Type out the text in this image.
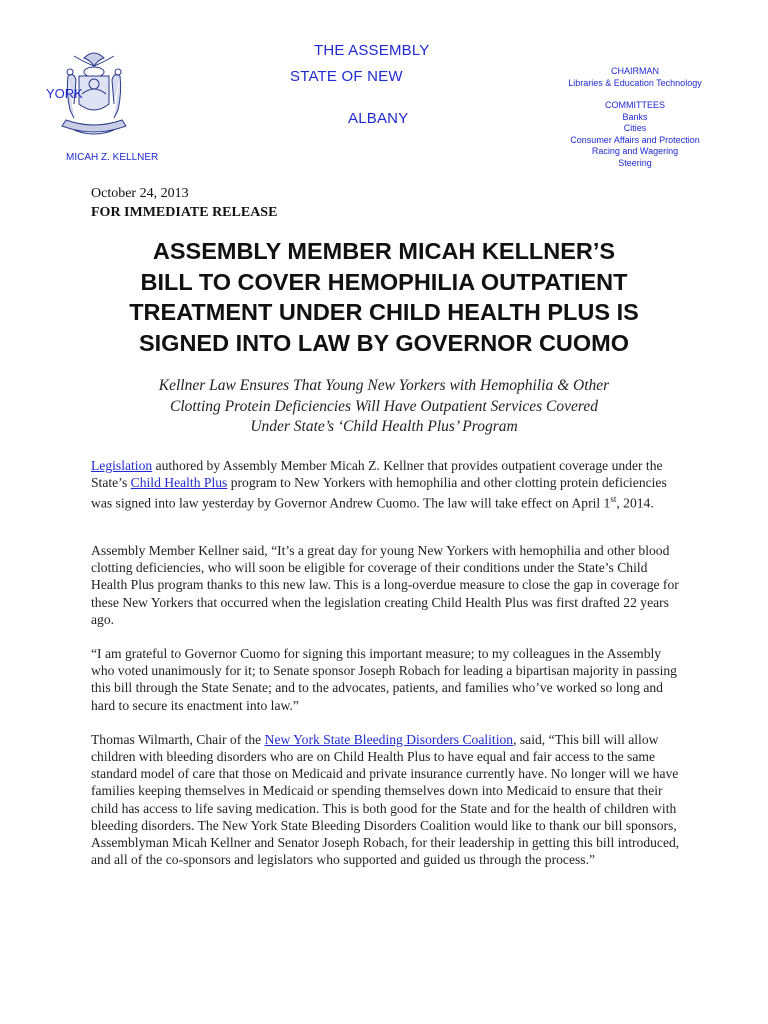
YORK
THE ASSEMBLY
STATE OF NEW
ALBANY
MICAH Z. KELLNER
CHAIRMAN
Libraries & Education Technology
COMMITTEES
Banks
Cities
Consumer Affairs and Protection
Racing and Wagering
Steering
October 24, 2013
FOR IMMEDIATE RELEASE
ASSEMBLY MEMBER MICAH KELLNER’S
BILL TO COVER HEMOPHILIA OUTPATIENT
TREATMENT UNDER CHILD HEALTH PLUS IS
SIGNED INTO LAW BY GOVERNOR CUOMO
Kellner Law Ensures That Young New Yorkers with Hemophilia & Other
Clotting Protein Deficiencies Will Have Outpatient Services Covered
Under State’s ‘Child Health Plus’ Program

Legislation authored by Assembly Member Micah Z. Kellner that provides outpatient coverage under the State’s Child Health Plus program to New Yorkers with hemophilia and other clotting protein deficiencies was signed into law yesterday by Governor Andrew Cuomo. The law will take effect on April 1st, 2014.

Assembly Member Kellner said, “It’s a great day for young New Yorkers with hemophilia and other blood clotting deficiencies, who will soon be eligible for coverage of their conditions under the State’s Child Health Plus program thanks to this new law. This is a long-overdue measure to close the gap in coverage for these New Yorkers that occurred when the legislation creating Child Health Plus was first drafted 22 years ago.

“I am grateful to Governor Cuomo for signing this important measure; to my colleagues in the Assembly who voted unanimously for it; to Senate sponsor Joseph Robach for leading a bipartisan majority in passing this bill through the State Senate; and to the advocates, patients, and families who’ve worked so long and hard to secure its enactment into law.”

Thomas Wilmarth, Chair of the New York State Bleeding Disorders Coalition, said, “This bill will allow children with bleeding disorders who are on Child Health Plus to have equal and fair access to the same standard model of care that those on Medicaid and private insurance currently have. No longer will we have families keeping themselves in Medicaid or spending themselves down into Medicaid to ensure that their child has access to life saving medication. This is both good for the State and for the health of children with bleeding disorders. The New York State Bleeding Disorders Coalition would like to thank our bill sponsors, Assemblyman Micah Kellner and Senator Joseph Robach, for their leadership in getting this bill introduced, and all of the co-sponsors and legislators who supported and guided us through the process.”
